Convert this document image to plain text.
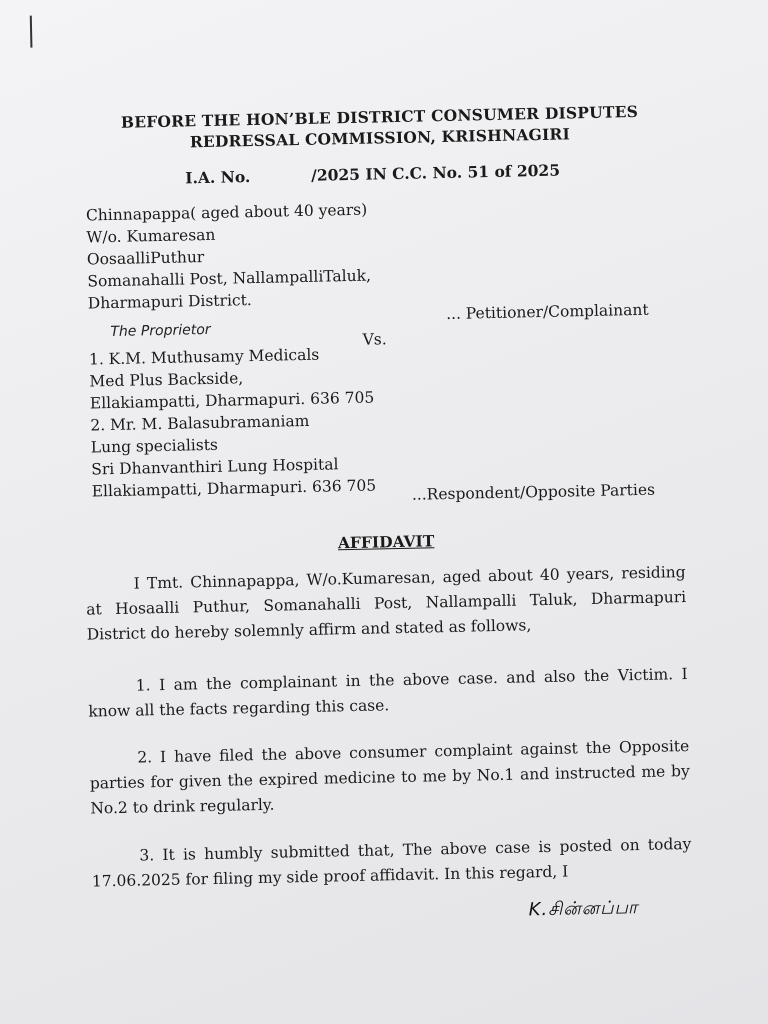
BEFORE THE HON’BLE DISTRICT CONSUMER DISPUTES
REDRESSAL COMMISSION, KRISHNAGIRI
I.A. No.	/2025 IN C.C. No. 51 of 2025
Chinnapappa( aged about 40 years)
W/o. Kumaresan
OosaalliPuthur
Somanahalli Post, NallampalliTaluk,
Dharmapuri District.	... Petitioner/Complainant
The Proprietor	Vs.
1. K.M. Muthusamy Medicals
Med Plus Backside,
Ellakiampatti, Dharmapuri. 636 705
2. Mr. M. Balasubramaniam
Lung specialists
Sri Dhanvanthiri Lung Hospital
Ellakiampatti, Dharmapuri. 636 705 ...Respondent/Opposite Parties
AFFIDAVIT
I Tmt. Chinnapappa, W/o.Kumaresan, aged about 40 years, residing at Hosaalli Puthur, Somanahalli Post, Nallampalli Taluk, Dharmapuri District do hereby solemnly affirm and stated as follows,
1. I am the complainant in the above case. and also the Victim. I know all the facts regarding this case.
2. I have filed the above consumer complaint against the Opposite parties for given the expired medicine to me by No.1 and instructed me by No.2 to drink regularly.
3. It is humbly submitted that, The above case is posted on today 17.06.2025 for filing my side proof affidavit. In this regard, I
K.சின்னப்பா
